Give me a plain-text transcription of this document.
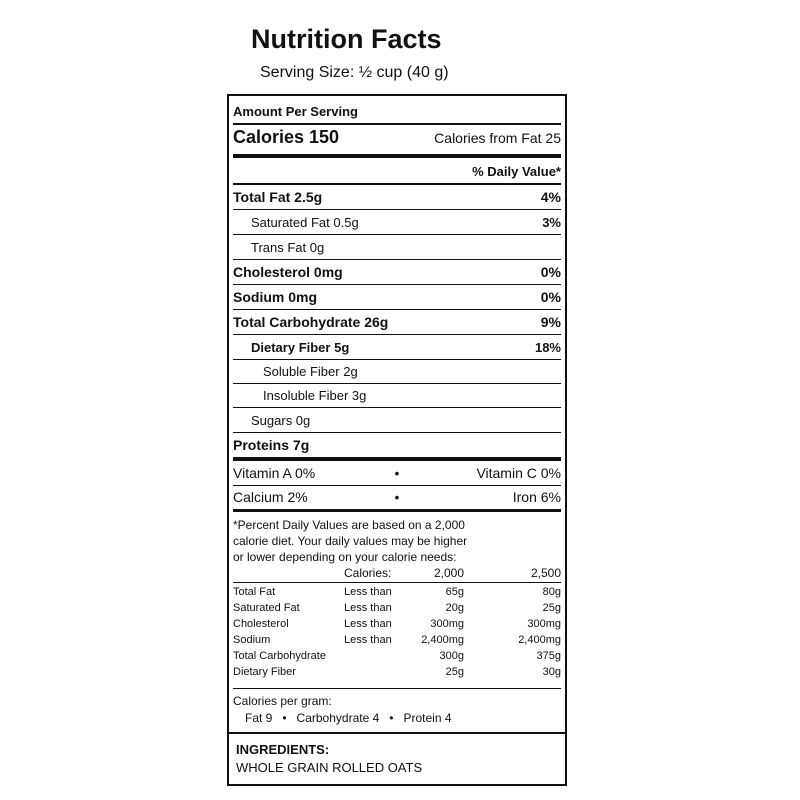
Nutrition Facts
Serving Size: ½ cup (40 g)
Amount Per Serving
Calories 150	Calories from Fat 25
% Daily Value*
Total Fat 2.5g	4%
Saturated Fat 0.5g	3%
Trans Fat 0g
Cholesterol 0mg	0%
Sodium 0mg	0%
Total Carbohydrate 26g	9%
Dietary Fiber 5g	18%
Soluble Fiber 2g
Insoluble Fiber 3g
Sugars 0g
Proteins 7g
Vitamin A 0%	•	Vitamin C 0%
Calcium 2%	•	Iron 6%
*Percent Daily Values are based on a 2,000
calorie diet. Your daily values may be higher
or lower depending on your calorie needs:
Calories:	2,000	2,500
Total Fat	Less than	65g	80g
Saturated Fat	Less than	20g	25g
Cholesterol	Less than	300mg	300mg
Sodium	Less than	2,400mg	2,400mg
Total Carbohydrate	300g	375g
Dietary Fiber	25g	30g
Calories per gram:
Fat 9   •   Carbohydrate 4   •   Protein 4
INGREDIENTS:
WHOLE GRAIN ROLLED OATS
